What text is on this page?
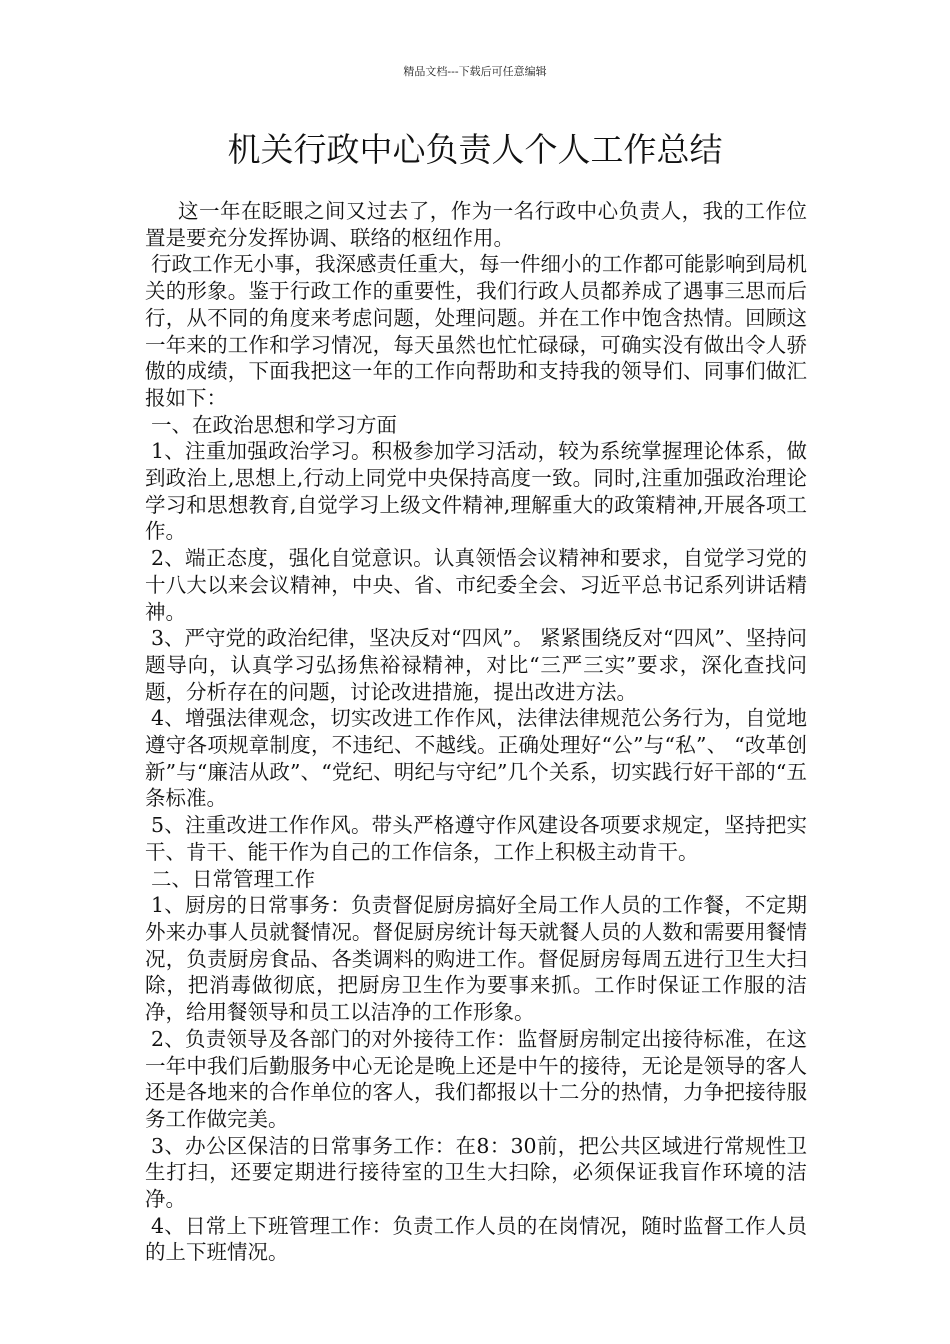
精品文档---下载后可任意编辑
机关行政中心负责人个人工作总结

这一年在眨眼之间又过去了，作为一名行政中心负责人，我的工作位置是要充分发挥协调、联络的枢纽作用。

行政工作无小事，我深感责任重大，每一件细小的工作都可能影响到局机关的形象。鉴于行政工作的重要性，我们行政人员都养成了遇事三思而后行，从不同的角度来考虑问题，处理问题。并在工作中饱含热情。回顾这一年来的工作和学习情况，每天虽然也忙忙碌碌，可确实没有做出令人骄傲的成绩，下面我把这一年的工作向帮助和支持我的领导们、同事们做汇报如下：

一、在政治思想和学习方面

1、注重加强政治学习。积极参加学习活动，较为系统掌握理论体系，做到政治上,思想上,行动上同党中央保持高度一致。同时,注重加强政治理论学习和思想教育,自觉学习上级文件精神,理解重大的政策精神,开展各项工作。

2、端正态度，强化自觉意识。认真领悟会议精神和要求，自觉学习党的十八大以来会议精神，中央、省、市纪委全会、习近平总书记系列讲话精神。

3、严守党的政治纪律，坚决反对“四风”。 紧紧围绕反对“四风”、坚持问题导向，认真学习弘扬焦裕禄精神，对比“三严三实”要求，深化查找问题，分析存在的问题，讨论改进措施，提出改进方法。

4、增强法律观念，切实改进工作作风，法律法律规范公务行为，自觉地遵守各项规章制度，不违纪、不越线。正确处理好“公”与“私”、 “改革创新”与“廉洁从政”、“党纪、明纪与守纪”几个关系，切实践行好干部的“五条标准。

5、注重改进工作作风。带头严格遵守作风建设各项要求规定，坚持把实干、肯干、能干作为自己的工作信条，工作上积极主动肯干。

二、日常管理工作

1、厨房的日常事务：负责督促厨房搞好全局工作人员的工作餐，不定期外来办事人员就餐情况。督促厨房统计每天就餐人员的人数和需要用餐情况，负责厨房食品、各类调料的购进工作。督促厨房每周五进行卫生大扫除，把消毒做彻底，把厨房卫生作为要事来抓。工作时保证工作服的洁净，给用餐领导和员工以洁净的工作形象。

2、负责领导及各部门的对外接待工作：监督厨房制定出接待标准，在这一年中我们后勤服务中心无论是晚上还是中午的接待，无论是领导的客人还是各地来的合作单位的客人，我们都报以十二分的热情，力争把接待服务工作做完美。

3、办公区保洁的日常事务工作：在8：30前，把公共区域进行常规性卫生打扫，还要定期进行接待室的卫生大扫除，必须保证我盲作环境的洁净。

4、日常上下班管理工作：负责工作人员的在岗情况，随时监督工作人员的上下班情况。
